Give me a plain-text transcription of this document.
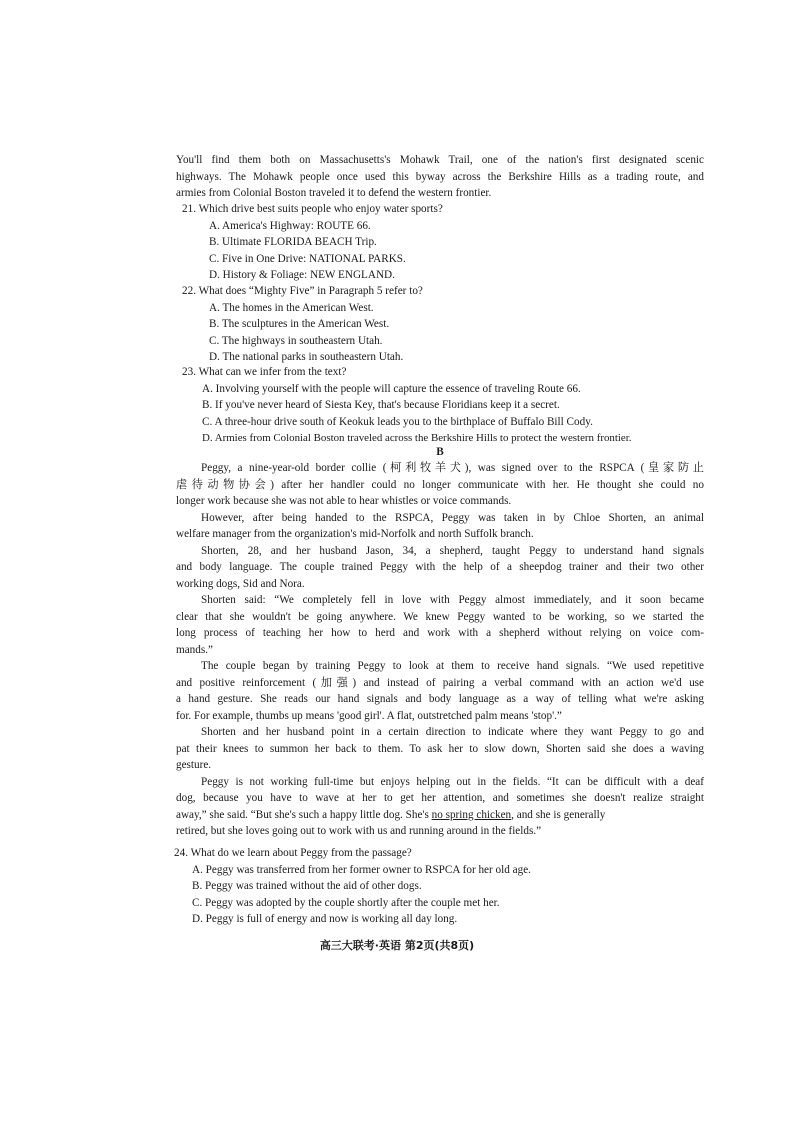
You'll find them both on Massachusetts's Mohawk Trail, one of the nation's first designated scenic
highways. The Mohawk people once used this byway across the Berkshire Hills as a trading route, and
armies from Colonial Boston traveled it to defend the western frontier.
21. Which drive best suits people who enjoy water sports?
A. America's Highway: ROUTE 66.
B. Ultimate FLORIDA BEACH Trip.
C. Five in One Drive: NATIONAL PARKS.
D. History & Foliage: NEW ENGLAND.
22. What does “Mighty Five” in Paragraph 5 refer to?
A. The homes in the American West.
B. The sculptures in the American West.
C. The highways in southeastern Utah.
D. The national parks in southeastern Utah.
23. What can we infer from the text?
A. Involving yourself with the people will capture the essence of traveling Route 66.
B. If you've never heard of Siesta Key, that's because Floridians keep it a secret.
C. A three-hour drive south of Keokuk leads you to the birthplace of Buffalo Bill Cody.
D. Armies from Colonial Boston traveled across the Berkshire Hills to protect the western frontier.
B
Peggy, a nine-year-old border collie (柯利牧羊犬), was signed over to the RSPCA (皇家防止
虐待动物协会) after her handler could no longer communicate with her. He thought she could no
longer work because she was not able to hear whistles or voice commands.
However, after being handed to the RSPCA, Peggy was taken in by Chloe Shorten, an animal
welfare manager from the organization's mid-Norfolk and north Suffolk branch.
Shorten, 28, and her husband Jason, 34, a shepherd, taught Peggy to understand hand signals
and body language. The couple trained Peggy with the help of a sheepdog trainer and their two other
working dogs, Sid and Nora.
Shorten said: “We completely fell in love with Peggy almost immediately, and it soon became
clear that she wouldn't be going anywhere. We knew Peggy wanted to be working, so we started the
long process of teaching her how to herd and work with a shepherd without relying on voice com-
mands.”
The couple began by training Peggy to look at them to receive hand signals. “We used repetitive
and positive reinforcement (加强) and instead of pairing a verbal command with an action we'd use
a hand gesture. She reads our hand signals and body language as a way of telling what we're asking
for. For example, thumbs up means 'good girl'. A flat, outstretched palm means 'stop'.”
Shorten and her husband point in a certain direction to indicate where they want Peggy to go and
pat their knees to summon her back to them. To ask her to slow down, Shorten said she does a waving
gesture.
Peggy is not working full-time but enjoys helping out in the fields. “It can be difficult with a deaf
dog, because you have to wave at her to get her attention, and sometimes she doesn't realize straight
away,” she said. “But she's such a happy little dog. She's no spring chicken, and she is generally
retired, but she loves going out to work with us and running around in the fields.”
24. What do we learn about Peggy from the passage?
A. Peggy was transferred from her former owner to RSPCA for her old age.
B. Peggy was trained without the aid of other dogs.
C. Peggy was adopted by the couple shortly after the couple met her.
D. Peggy is full of energy and now is working all day long.
高三大联考·英语 第2页(共8页)
